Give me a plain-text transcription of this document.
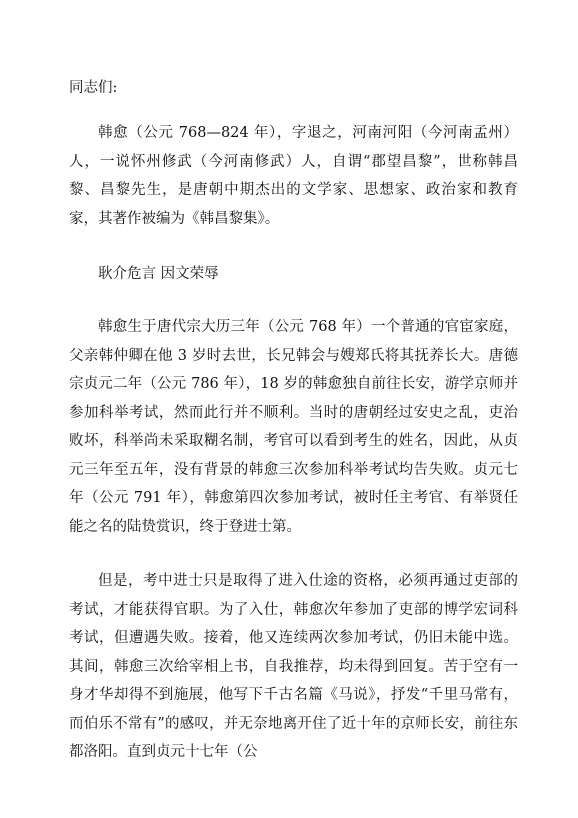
同志们:

韩愈（公元 768—824 年），字退之，河南河阳（今河南孟州）人，一说怀州修武（今河南修武）人，自谓“郡望昌黎”，世称韩昌黎、昌黎先生，是唐朝中期杰出的文学家、思想家、政治家和教育家，其著作被编为《韩昌黎集》。

耿介危言 因文荣辱

韩愈生于唐代宗大历三年（公元 768 年）一个普通的官宦家庭，父亲韩仲卿在他 3 岁时去世，长兄韩会与嫂郑氏将其抚养长大。唐德宗贞元二年（公元 786 年），18 岁的韩愈独自前往长安，游学京师并参加科举考试，然而此行并不顺利。当时的唐朝经过安史之乱，吏治败坏，科举尚未采取糊名制，考官可以看到考生的姓名，因此，从贞元三年至五年，没有背景的韩愈三次参加科举考试均告失败。贞元七年（公元 791 年），韩愈第四次参加考试，被时任主考官、有举贤任能之名的陆贽赏识，终于登进士第。

但是，考中进士只是取得了进入仕途的资格，必须再通过吏部的考试，才能获得官职。为了入仕，韩愈次年参加了吏部的博学宏词科考试，但遭遇失败。接着，他又连续两次参加考试，仍旧未能中选。其间，韩愈三次给宰相上书，自我推荐，均未得到回复。苦于空有一身才华却得不到施展，他写下千古名篇《马说》，抒发“千里马常有，而伯乐不常有”的感叹，并无奈地离开住了近十年的京师长安，前往东都洛阳。直到贞元十七年（公
